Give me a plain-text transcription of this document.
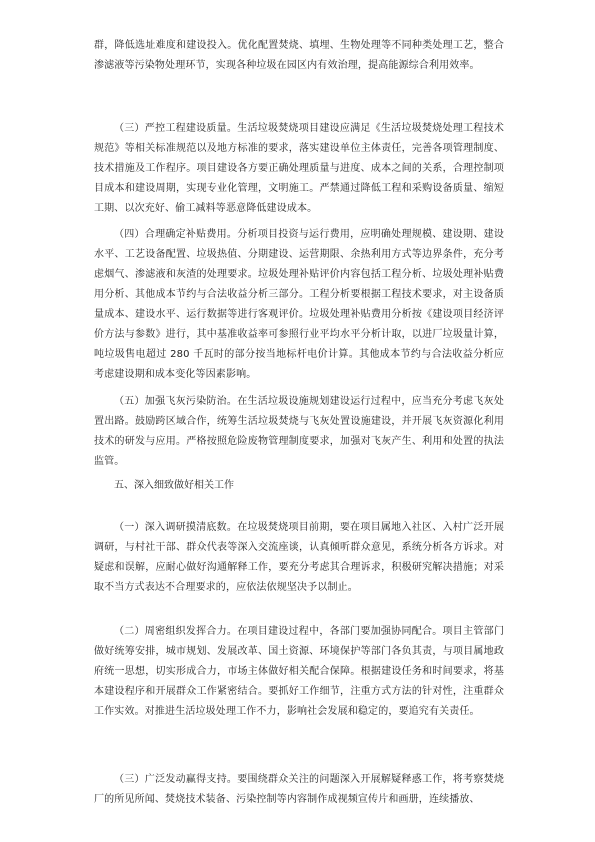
群，降低选址难度和建设投入。优化配置焚烧、填埋、生物处理等不同种类处理工艺，整合渗滤液等污染物处理环节，实现各种垃圾在园区内有效治理，提高能源综合利用效率。

（三）严控工程建设质量。生活垃圾焚烧项目建设应满足《生活垃圾焚烧处理工程技术规范》等相关标准规范以及地方标准的要求，落实建设单位主体责任，完善各项管理制度、技术措施及工作程序。项目建设各方要正确处理质量与进度、成本之间的关系，合理控制项目成本和建设周期，实现专业化管理，文明施工。严禁通过降低工程和采购设备质量、缩短工期、以次充好、偷工减料等恶意降低建设成本。

（四）合理确定补贴费用。分析项目投资与运行费用，应明确处理规模、建设期、建设水平、工艺设备配置、垃圾热值、分期建设、运营期限、余热利用方式等边界条件，充分考虑烟气、渗滤液和灰渣的处理要求。垃圾处理补贴评价内容包括工程分析、垃圾处理补贴费用分析、其他成本节约与合法收益分析三部分。工程分析要根据工程技术要求，对主设备质量成本、建设水平、运行数据等进行客观评价。垃圾处理补贴费用分析按《建设项目经济评价方法与参数》进行，其中基准收益率可参照行业平均水平分析计取，以进厂垃圾量计算，吨垃圾售电超过 280 千瓦时的部分按当地标杆电价计算。其他成本节约与合法收益分析应考虑建设期和成本变化等因素影响。

（五）加强飞灰污染防治。在生活垃圾设施规划建设运行过程中，应当充分考虑飞灰处置出路。鼓励跨区域合作，统筹生活垃圾焚烧与飞灰处置设施建设，并开展飞灰资源化利用技术的研发与应用。严格按照危险废物管理制度要求，加强对飞灰产生、利用和处置的执法监管。

五、深入细致做好相关工作

（一）深入调研摸清底数。在垃圾焚烧项目前期，要在项目属地入社区、入村广泛开展调研，与村社干部、群众代表等深入交流座谈，认真倾听群众意见，系统分析各方诉求。对疑虑和误解，应耐心做好沟通解释工作，要充分考虑其合理诉求，积极研究解决措施；对采取不当方式表达不合理要求的，应依法依规坚决予以制止。

（二）周密组织发挥合力。在项目建设过程中，各部门要加强协同配合。项目主管部门做好统筹安排，城市规划、发展改革、国土资源、环境保护等部门各负其责，与项目属地政府统一思想，切实形成合力，市场主体做好相关配合保障。根据建设任务和时间要求，将基本建设程序和开展群众工作紧密结合。要抓好工作细节，注重方式方法的针对性，注重群众工作实效。对推进生活垃圾处理工作不力，影响社会发展和稳定的，要追究有关责任。

（三）广泛发动赢得支持。要围绕群众关注的问题深入开展解疑释惑工作，将考察焚烧厂的所见所闻、焚烧技术装备、污染控制等内容制作成视频宣传片和画册，连续播放、
